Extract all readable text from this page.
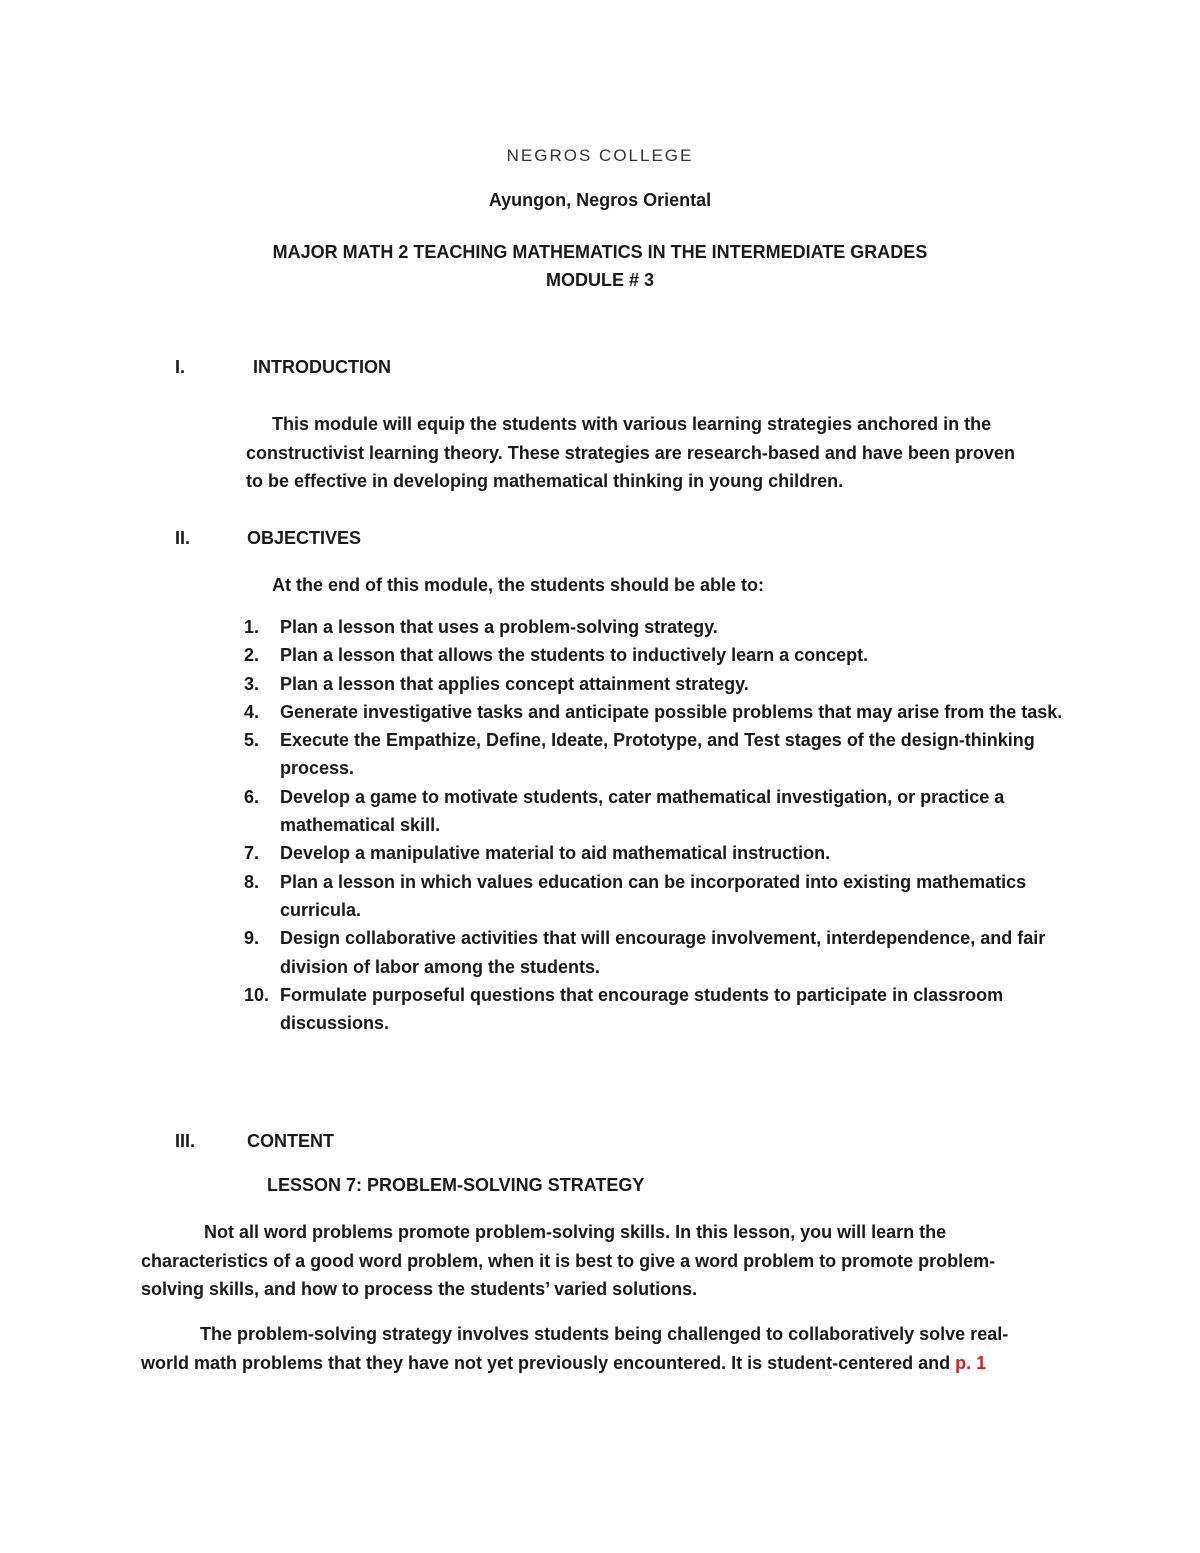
NEGROS COLLEGE
Ayungon, Negros Oriental
MAJOR MATH 2 TEACHING MATHEMATICS IN THE INTERMEDIATE GRADES
MODULE # 3
I.	INTRODUCTION
This module will equip the students with various learning strategies anchored in the
constructivist learning theory. These strategies are research-based and have been proven
to be effective in developing mathematical thinking in young children.
II.	OBJECTIVES
At the end of this module, the students should be able to:
1. Plan a lesson that uses a problem-solving strategy.
2. Plan a lesson that allows the students to inductively learn a concept.
3. Plan a lesson that applies concept attainment strategy.
4. Generate investigative tasks and anticipate possible problems that may arise from the task.
5. Execute the Empathize, Define, Ideate, Prototype, and Test stages of the design-thinking process.
6. Develop a game to motivate students, cater mathematical investigation, or practice a mathematical skill.
7. Develop a manipulative material to aid mathematical instruction.
8. Plan a lesson in which values education can be incorporated into existing mathematics curricula.
9. Design collaborative activities that will encourage involvement, interdependence, and fair division of labor among the students.
10. Formulate purposeful questions that encourage students to participate in classroom discussions.
III.	CONTENT
LESSON 7: PROBLEM-SOLVING STRATEGY
Not all word problems promote problem-solving skills. In this lesson, you will learn the
characteristics of a good word problem, when it is best to give a word problem to promote problem-
solving skills, and how to process the students’ varied solutions.
The problem-solving strategy involves students being challenged to collaboratively solve real-
world math problems that they have not yet previously encountered. It is student-centered and p. 1
